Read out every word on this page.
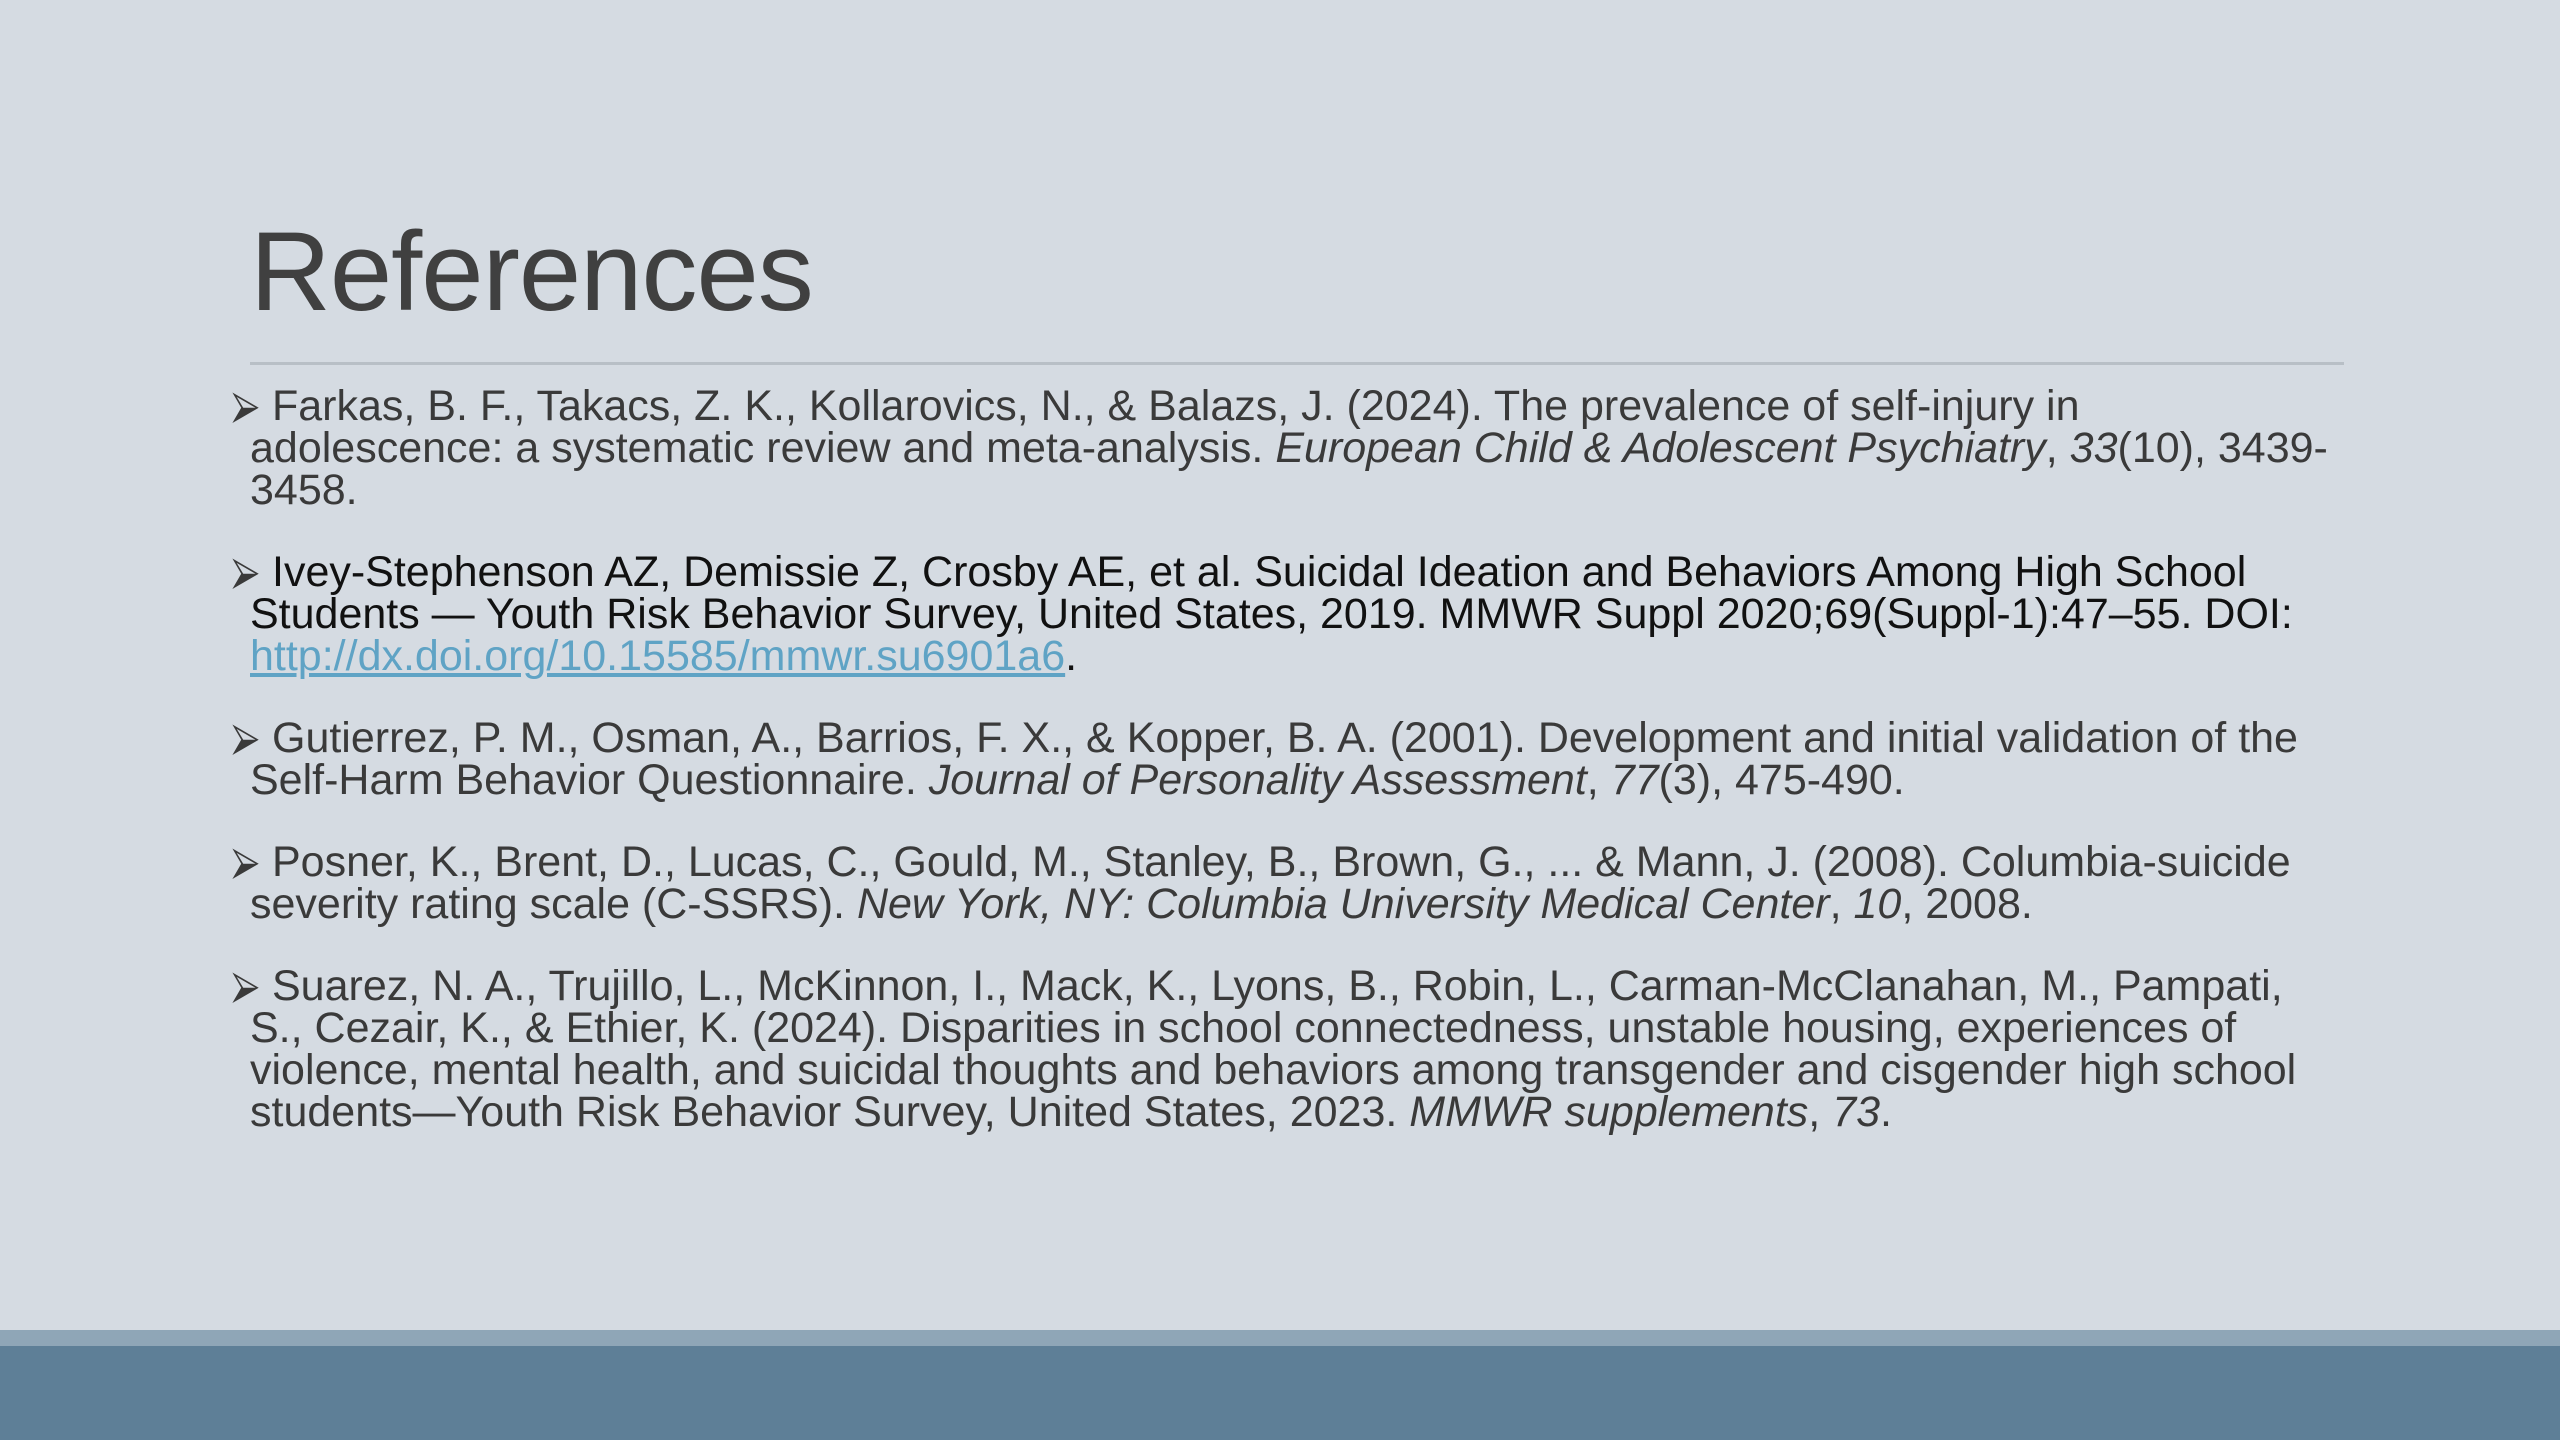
References
⮚ Farkas, B. F., Takacs, Z. K., Kollarovics, N., & Balazs, J. (2024). The prevalence of self-injury in adolescence: a systematic review and meta-analysis. European Child & Adolescent Psychiatry, 33(10), 3439-3458.
⮚ Ivey-Stephenson AZ, Demissie Z, Crosby AE, et al. Suicidal Ideation and Behaviors Among High School Students — Youth Risk Behavior Survey, United States, 2019. MMWR Suppl 2020;69(Suppl-1):47–55. DOI: http://dx.doi.org/10.15585/mmwr.su6901a6.
⮚ Gutierrez, P. M., Osman, A., Barrios, F. X., & Kopper, B. A. (2001). Development and initial validation of the Self-Harm Behavior Questionnaire. Journal of Personality Assessment, 77(3), 475-490.
⮚ Posner, K., Brent, D., Lucas, C., Gould, M., Stanley, B., Brown, G., ... & Mann, J. (2008). Columbia-suicide severity rating scale (C-SSRS). New York, NY: Columbia University Medical Center, 10, 2008.
⮚ Suarez, N. A., Trujillo, L., McKinnon, I., Mack, K., Lyons, B., Robin, L., Carman-McClanahan, M., Pampati, S., Cezair, K., & Ethier, K. (2024). Disparities in school connectedness, unstable housing, experiences of violence, mental health, and suicidal thoughts and behaviors among transgender and cisgender high school students—Youth Risk Behavior Survey, United States, 2023. MMWR supplements, 73.
